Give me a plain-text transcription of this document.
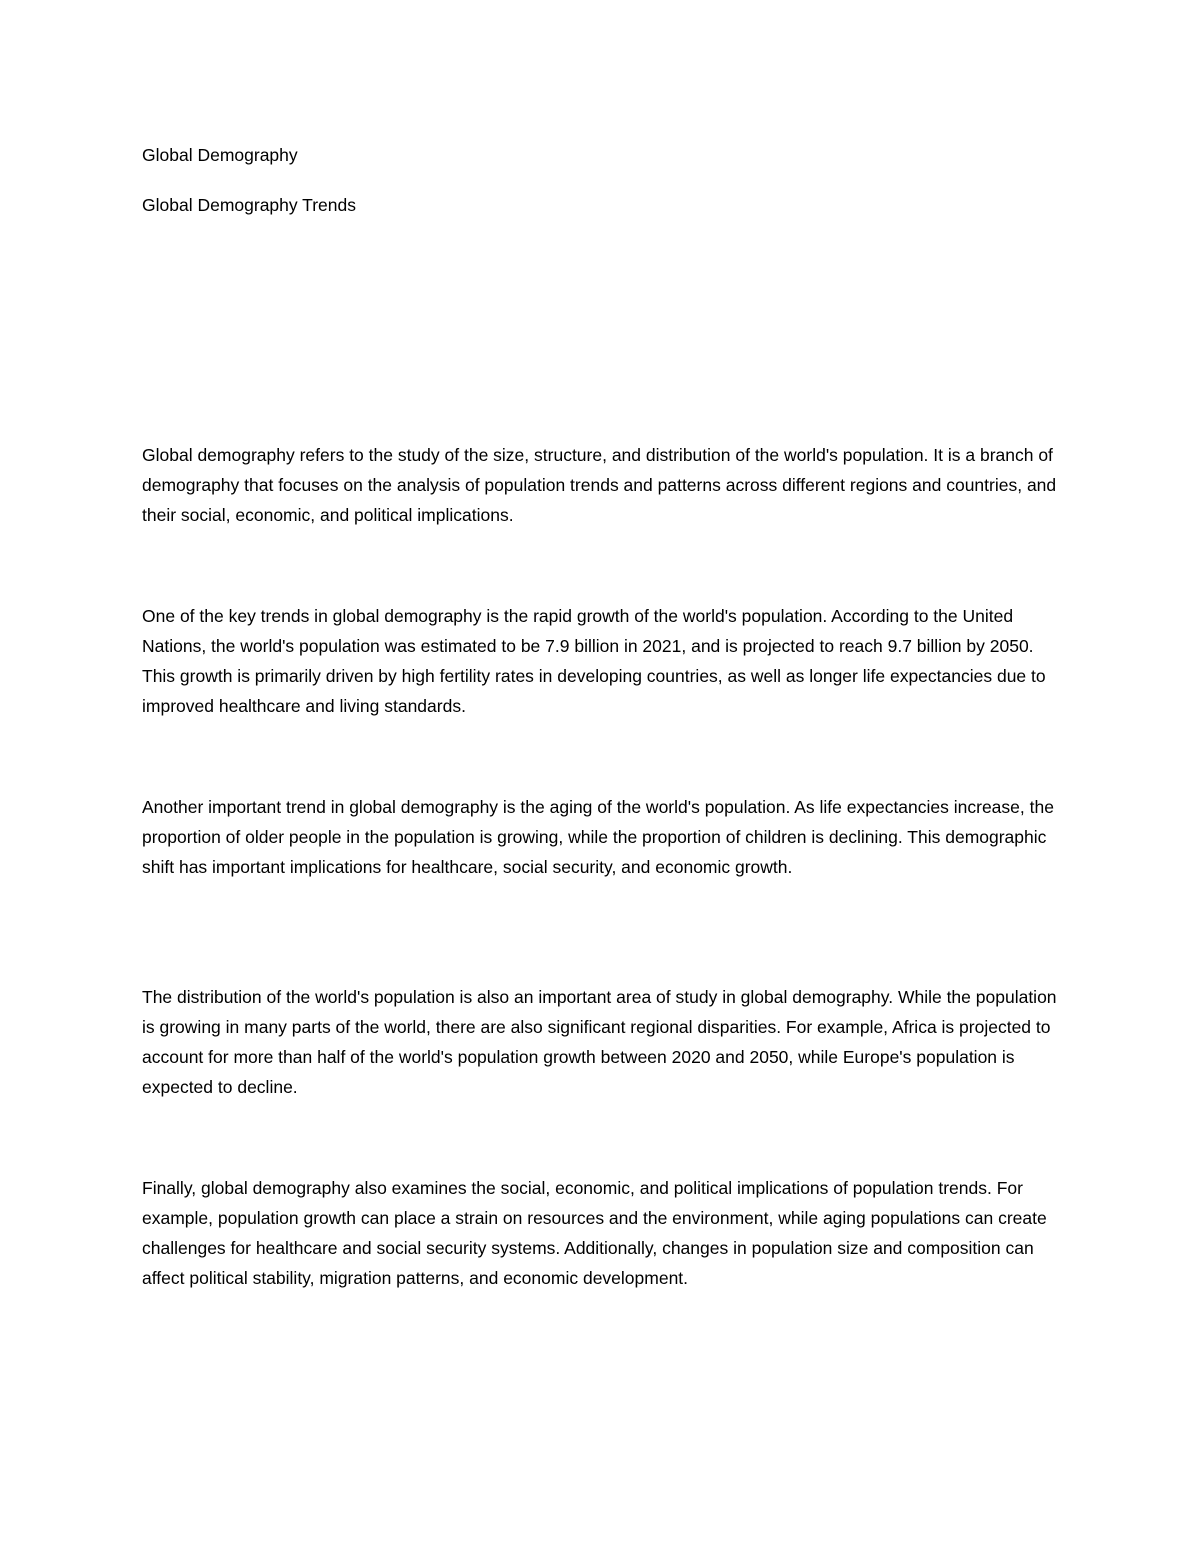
Global Demography
Global Demography Trends

Global demography refers to the study of the size, structure, and distribution of the world's population. It is a branch of demography that focuses on the analysis of population trends and patterns across different regions and countries, and their social, economic, and political implications.

One of the key trends in global demography is the rapid growth of the world's population. According to the United Nations, the world's population was estimated to be 7.9 billion in 2021, and is projected to reach 9.7 billion by 2050. This growth is primarily driven by high fertility rates in developing countries, as well as longer life expectancies due to improved healthcare and living standards.

Another important trend in global demography is the aging of the world's population. As life expectancies increase, the proportion of older people in the population is growing, while the proportion of children is declining. This demographic shift has important implications for healthcare, social security, and economic growth.

The distribution of the world's population is also an important area of study in global demography. While the population is growing in many parts of the world, there are also significant regional disparities. For example, Africa is projected to account for more than half of the world's population growth between 2020 and 2050, while Europe's population is expected to decline.

Finally, global demography also examines the social, economic, and political implications of population trends. For example, population growth can place a strain on resources and the environment, while aging populations can create challenges for healthcare and social security systems. Additionally, changes in population size and composition can affect political stability, migration patterns, and economic development.
